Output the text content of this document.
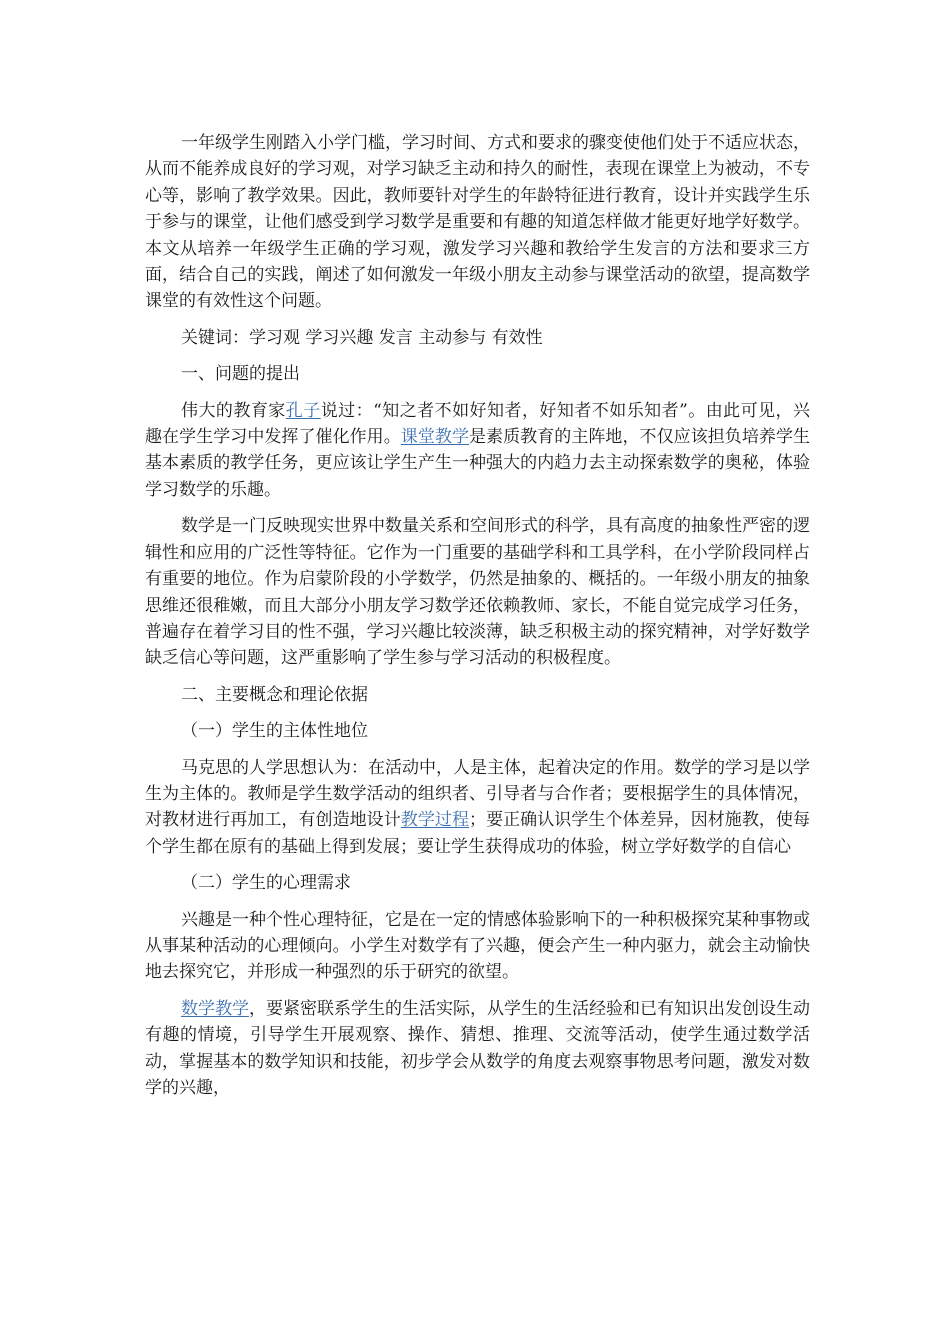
一年级学生刚踏入小学门槛，学习时间、方式和要求的骤变使他们处于不适应状态，从而不能养成良好的学习观，对学习缺乏主动和持久的耐性，表现在课堂上为被动，不专心等，影响了教学效果。因此，教师要针对学生的年龄特征进行教育，设计并实践学生乐于参与的课堂，让他们感受到学习数学是重要和有趣的知道怎样做才能更好地学好数学。本文从培养一年级学生正确的学习观，激发学习兴趣和教给学生发言的方法和要求三方面，结合自己的实践，阐述了如何激发一年级小朋友主动参与课堂活动的欲望，提高数学课堂的有效性这个问题。

关键词：学习观 学习兴趣 发言 主动参与 有效性

一、问题的提出

伟大的教育家孔子说过：“知之者不如好知者，好知者不如乐知者”。由此可见，兴趣在学生学习中发挥了催化作用。课堂教学是素质教育的主阵地，不仅应该担负培养学生基本素质的教学任务，更应该让学生产生一种强大的内趋力去主动探索数学的奥秘，体验学习数学的乐趣。

数学是一门反映现实世界中数量关系和空间形式的科学，具有高度的抽象性严密的逻辑性和应用的广泛性等特征。它作为一门重要的基础学科和工具学科，在小学阶段同样占有重要的地位。作为启蒙阶段的小学数学，仍然是抽象的、概括的。一年级小朋友的抽象思维还很稚嫩，而且大部分小朋友学习数学还依赖教师、家长，不能自觉完成学习任务，普遍存在着学习目的性不强，学习兴趣比较淡薄，缺乏积极主动的探究精神，对学好数学缺乏信心等问题，这严重影响了学生参与学习活动的积极程度。

二、主要概念和理论依据

（一）学生的主体性地位

马克思的人学思想认为：在活动中，人是主体，起着决定的作用。数学的学习是以学生为主体的。教师是学生数学活动的组织者、引导者与合作者；要根据学生的具体情况，对教材进行再加工，有创造地设计教学过程；要正确认识学生个体差异，因材施教，使每个学生都在原有的基础上得到发展；要让学生获得成功的体验，树立学好数学的自信心

（二）学生的心理需求

兴趣是一种个性心理特征，它是在一定的情感体验影响下的一种积极探究某种事物或从事某种活动的心理倾向。小学生对数学有了兴趣，便会产生一种内驱力，就会主动愉快地去探究它，并形成一种强烈的乐于研究的欲望。

数学教学，要紧密联系学生的生活实际，从学生的生活经验和已有知识出发创设生动有趣的情境，引导学生开展观察、操作、猜想、推理、交流等活动，使学生通过数学活动，掌握基本的数学知识和技能，初步学会从数学的角度去观察事物思考问题，激发对数学的兴趣，
